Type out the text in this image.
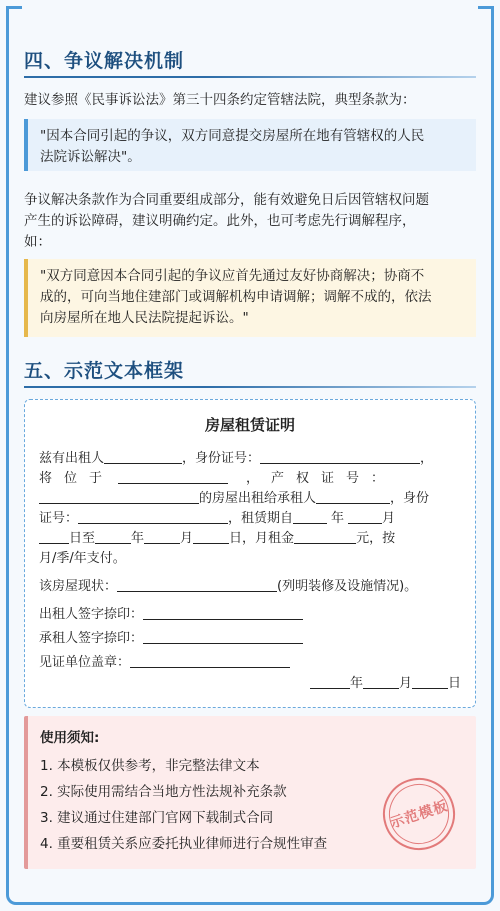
四、争议解决机制
建议参照《民事诉讼法》第三十四条约定管辖法院，典型条款为：
"因本合同引起的争议，双方同意提交房屋所在地有管辖权的人民
法院诉讼解决"。
争议解决条款作为合同重要组成部分，能有效避免日后因管辖权问题
产生的诉讼障碍，建议明确约定。此外，也可考虑先行调解程序，
如：
"双方同意因本合同引起的争议应首先通过友好协商解决；协商不
成的，可向当地住建部门或调解机构申请调解；调解不成的，依法
向房屋所在地人民法院提起诉讼。"
五、示范文本框架
房屋租赁证明
兹有出租人	，身份证号：	，
将位于	，产权证号：
的房屋出租给承租人	，身份
证号：	，租赁期自	年	月
日至	年	月	日，月租金	元，按
月/季/年支付。
该房屋现状：	(列明装修及设施情况)。
出租人签字捺印：
承租人签字捺印：
见证单位盖章：
年	月	日
使用须知:
1. 本模板仅供参考，非完整法律文本
2. 实际使用需结合当地方性法规补充条款
3. 建议通过住建部门官网下载制式合同
4. 重要租赁关系应委托执业律师进行合规性审查
示范模板
